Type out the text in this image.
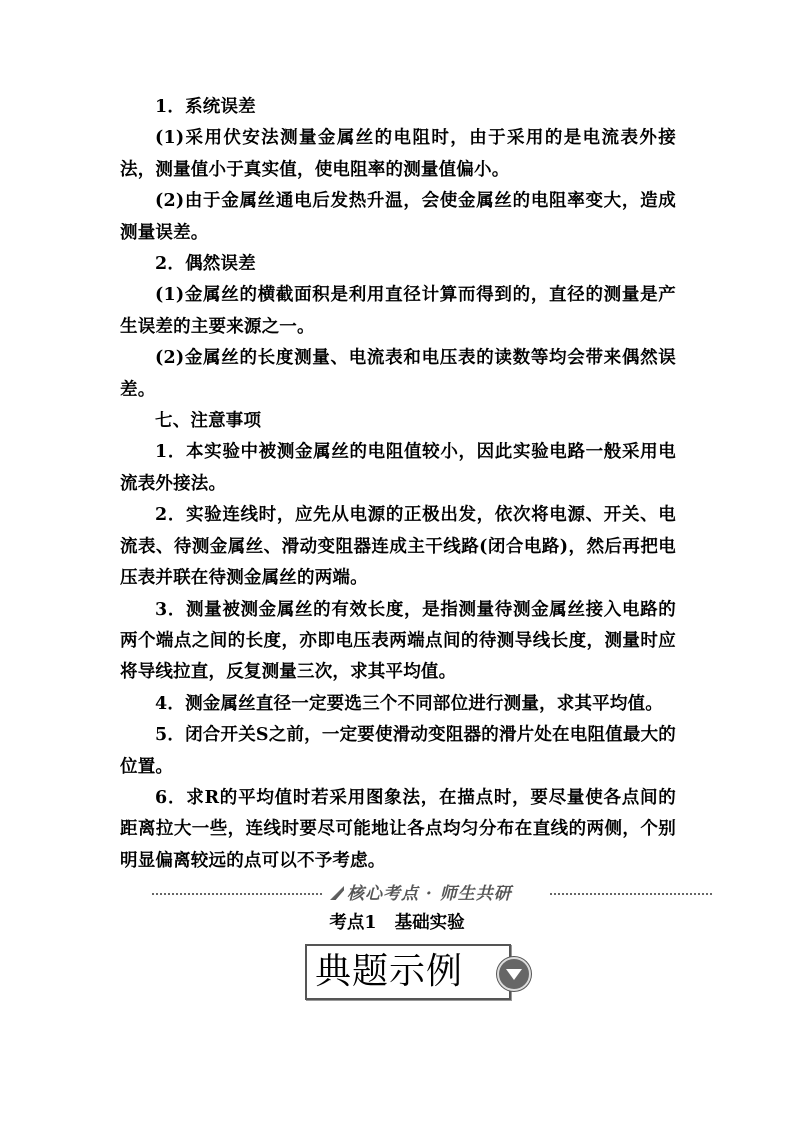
1．系统误差

(1)采用伏安法测量金属丝的电阻时，由于采用的是电流表外接法，测量值小于真实值，使电阻率的测量值偏小。

(2)由于金属丝通电后发热升温，会使金属丝的电阻率变大，造成测量误差。

2．偶然误差

(1)金属丝的横截面积是利用直径计算而得到的，直径的测量是产生误差的主要来源之一。

(2)金属丝的长度测量、电流表和电压表的读数等均会带来偶然误差。

七、注意事项

1．本实验中被测金属丝的电阻值较小，因此实验电路一般采用电流表外接法。

2．实验连线时，应先从电源的正极出发，依次将电源、开关、电流表、待测金属丝、滑动变阻器连成主干线路(闭合电路)，然后再把电压表并联在待测金属丝的两端。

3．测量被测金属丝的有效长度，是指测量待测金属丝接入电路的两个端点之间的长度，亦即电压表两端点间的待测导线长度，测量时应将导线拉直，反复测量三次，求其平均值。

4．测金属丝直径一定要选三个不同部位进行测量，求其平均值。

5．闭合开关S之前，一定要使滑动变阻器的滑片处在电阻值最大的位置。

6．求R的平均值时若采用图象法，在描点时，要尽量使各点间的距离拉大一些，连线时要尽可能地让各点均匀分布在直线的两侧，个别明显偏离较远的点可以不予考虑。

核心考点 · 师生共研
考点1 基础实验
典题示例
